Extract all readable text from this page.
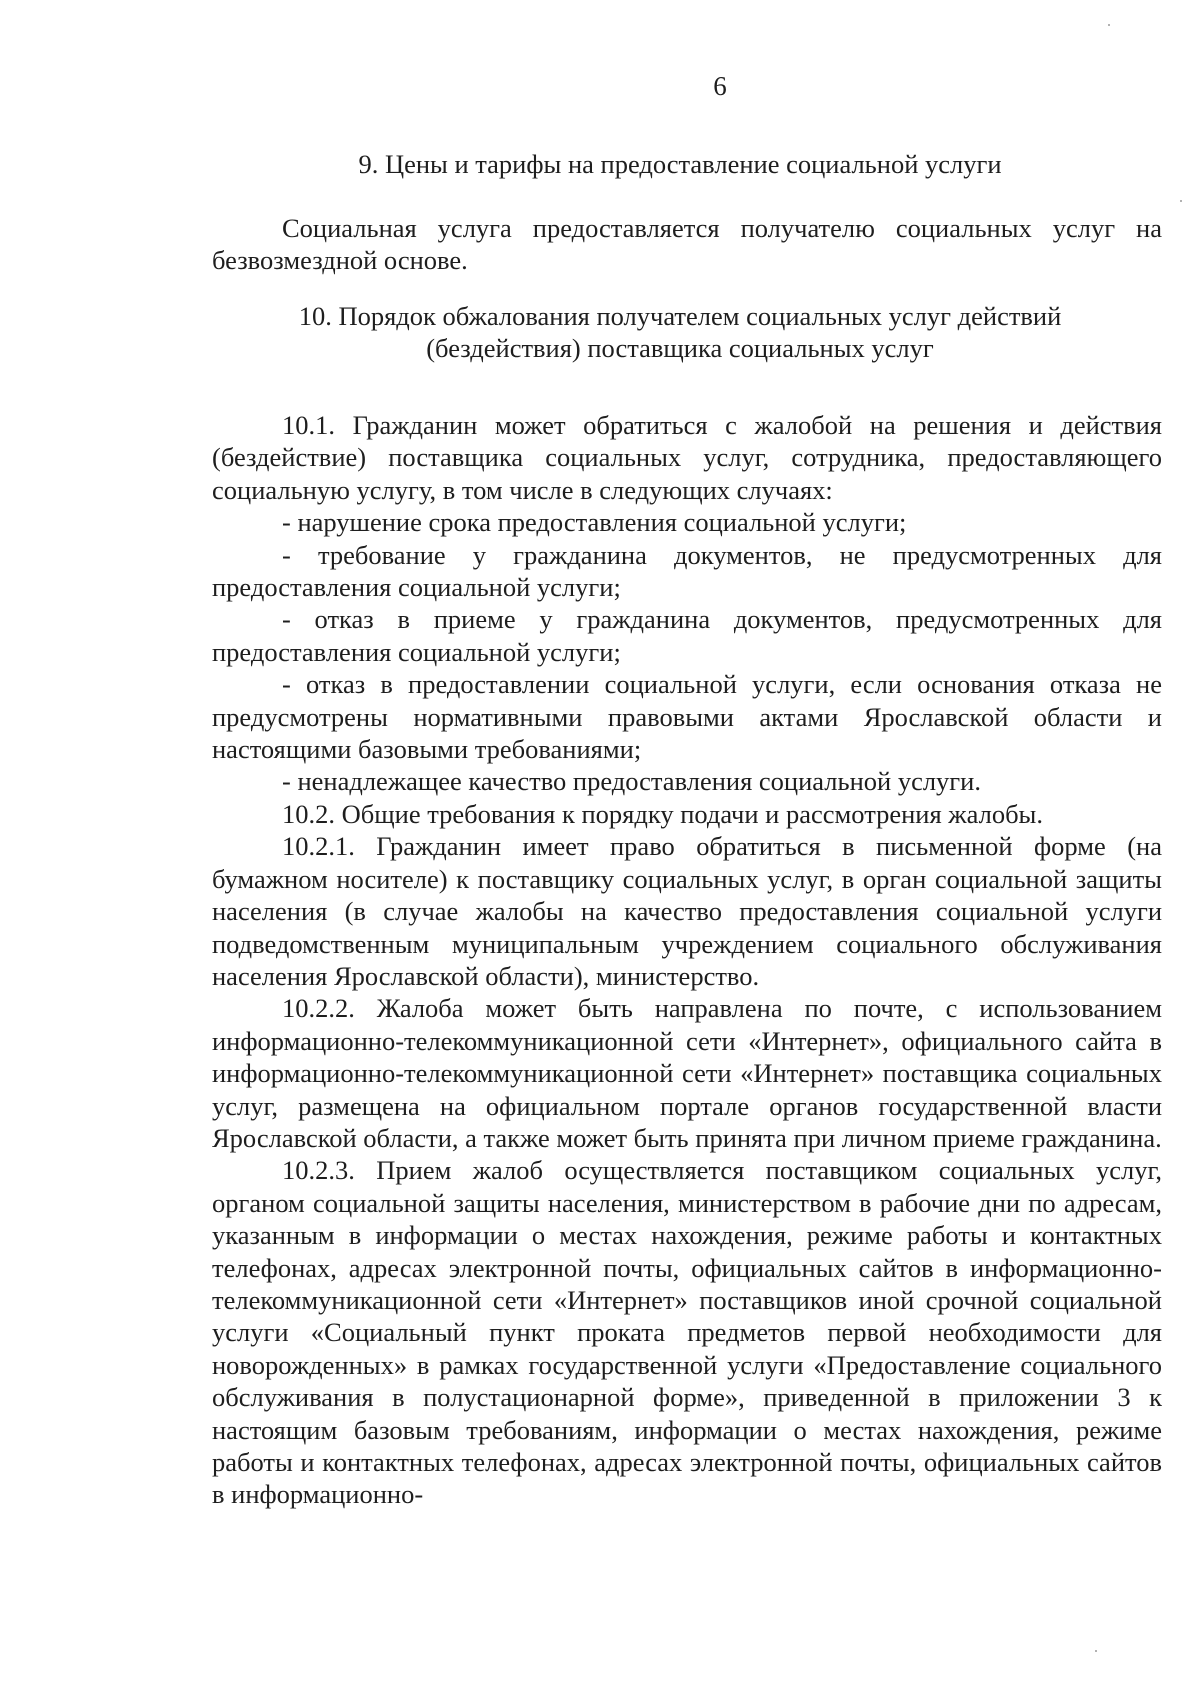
6
9. Цены и тарифы на предоставление социальной услуги

Социальная услуга предоставляется получателю социальных услуг на безвозмездной основе.

10. Порядок обжалования получателем социальных услуг действий
(бездействия) поставщика социальных услуг

10.1. Гражданин может обратиться с жалобой на решения и действия (бездействие) поставщика социальных услуг, сотрудника, предоставляющего социальную услугу, в том числе в следующих случаях:

- нарушение срока предоставления социальной услуги;

- требование у гражданина документов, не предусмотренных для предоставления социальной услуги;

- отказ в приеме у гражданина документов, предусмотренных для предоставления социальной услуги;

- отказ в предоставлении социальной услуги, если основания отказа не предусмотрены нормативными правовыми актами Ярославской области и настоящими базовыми требованиями;

- ненадлежащее качество предоставления социальной услуги.

10.2. Общие требования к порядку подачи и рассмотрения жалобы.

10.2.1. Гражданин имеет право обратиться в письменной форме (на бумажном носителе) к поставщику социальных услуг, в орган социальной защиты населения (в случае жалобы на качество предоставления социальной услуги подведомственным муниципальным учреждением социального обслуживания населения Ярославской области), министерство.

10.2.2. Жалоба может быть направлена по почте, с использованием информационно-телекоммуникационной сети «Интернет», официального сайта в информационно-телекоммуникационной сети «Интернет» поставщика социальных услуг, размещена на официальном портале органов государственной власти Ярославской области, а также может быть принята при личном приеме гражданина.

10.2.3. Прием жалоб осуществляется поставщиком социальных услуг, органом социальной защиты населения, министерством в рабочие дни по адресам, указанным в информации о местах нахождения, режиме работы и контактных телефонах, адресах электронной почты, официальных сайтов в информационно-телекоммуникационной сети «Интернет» поставщиков иной срочной социальной услуги «Социальный пункт проката предметов первой необходимости для новорожденных» в рамках государственной услуги «Предоставление социального обслуживания в полустационарной форме», приведенной в приложении 3 к настоящим базовым требованиям, информации о местах нахождения, режиме работы и контактных телефонах, адресах электронной почты, официальных сайтов в информационно-
